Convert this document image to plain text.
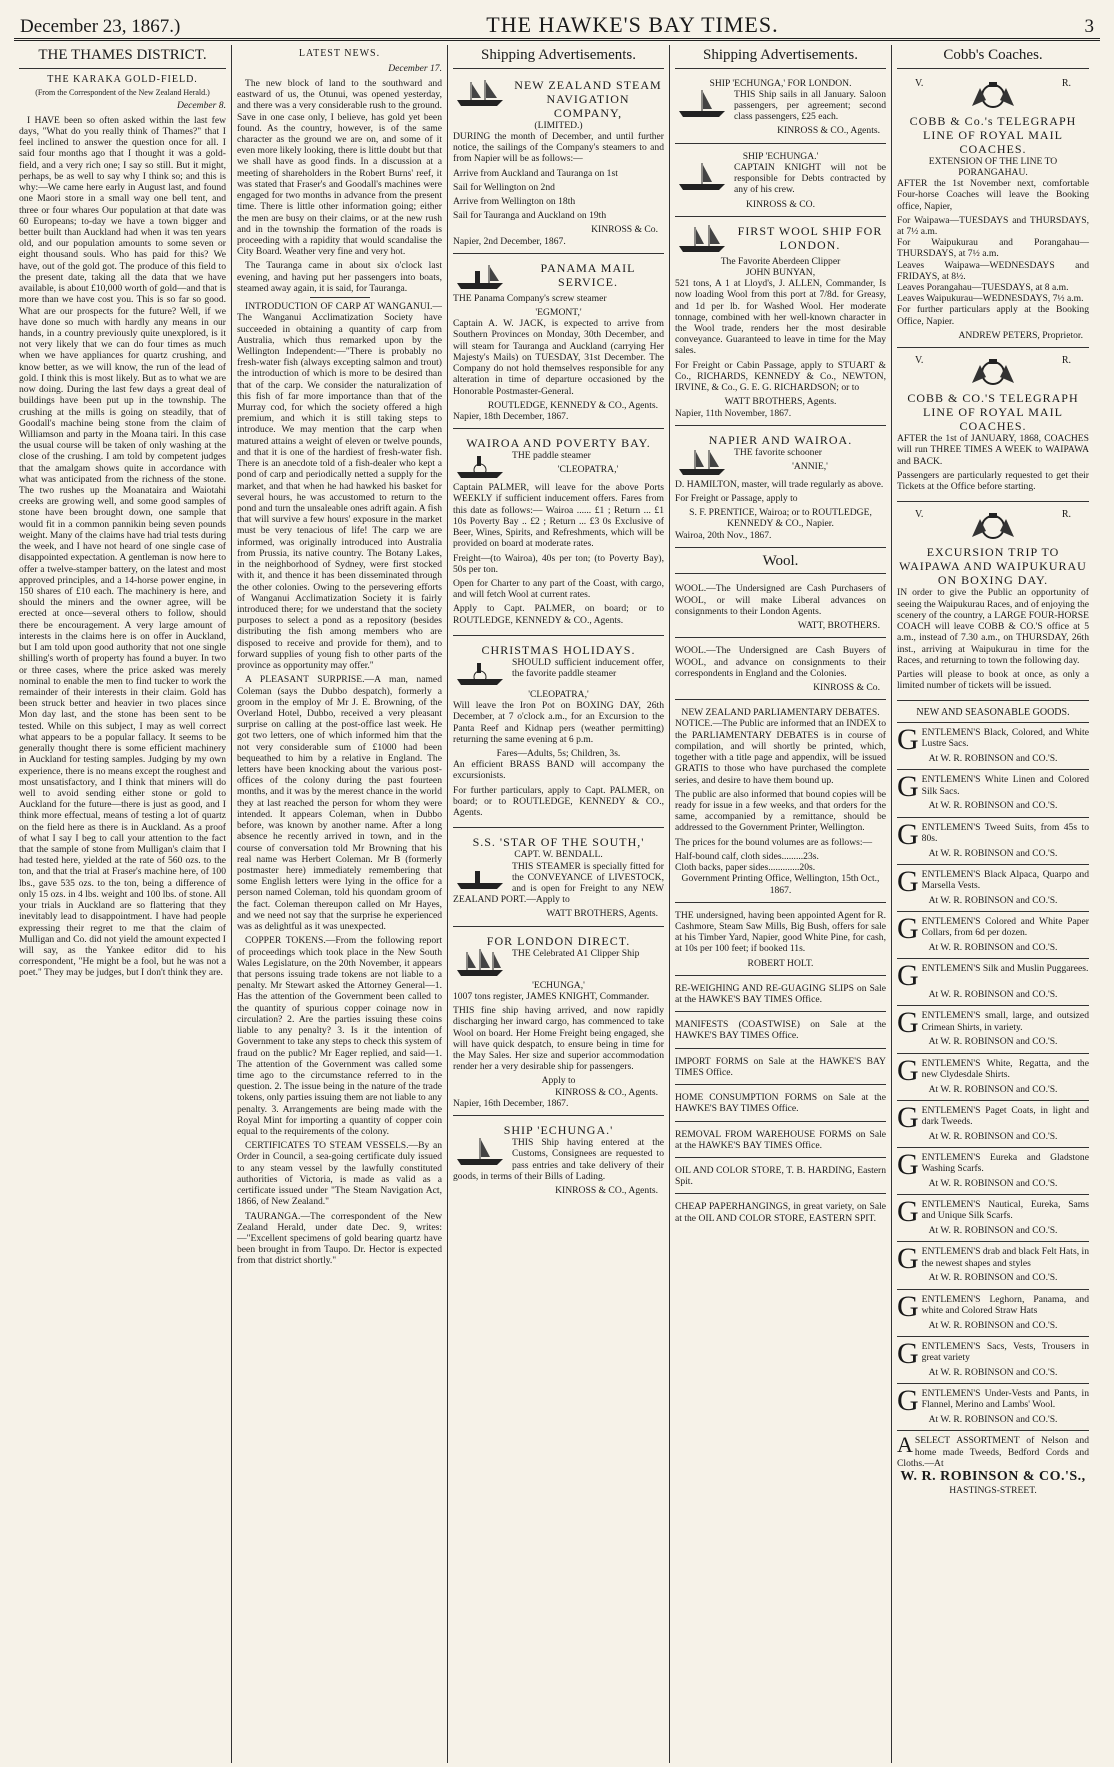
December 23, 1867.)	THE HAWKE'S BAY TIMES.	3
THE THAMES DISTRICT.
THE KARAKA GOLD-FIELD.
(From the Correspondent of the New Zealand Herald.)
December 8.

I HAVE been so often asked within the last few days, "What do you really think of Thames?" that I feel inclined to answer the question once for all. I said four months ago that I thought it was a gold-field, and a very rich one; I say so still. But it might, perhaps, be as well to say why I think so; and this is why:—We came here early in August last, and found one Maori store in a small way one bell tent, and three or four whares Our population at that date was 60 Europeans; to-day we have a town bigger and better built than Auckland had when it was ten years old, and our population amounts to some seven or eight thousand souls. Who has paid for this? We have, out of the gold got. The produce of this field to the present date, taking all the data that we have available, is about £10,000 worth of gold—and that is more than we have cost you. This is so far so good. What are our prospects for the future? Well, if we have done so much with hardly any means in our hands, in a country previously quite unexplored, is it not very likely that we can do four times as much when we have appliances for quartz crushing, and know better, as we will know, the run of the lead of gold. I think this is most likely. But as to what we are now doing. During the last few days a great deal of buildings have been put up in the township. The crushing at the mills is going on steadily, that of Goodall's machine being stone from the claim of Williamson and party in the Moana tairi. In this case the usual course will be taken of only washing at the close of the crushing. I am told by competent judges that the amalgam shows quite in accordance with what was anticipated from the richness of the stone. The two rushes up the Moanataira and Waiotahi creeks are growing well, and some good samples of stone have been brought down, one sample that would fit in a common pannikin being seven pounds weight. Many of the claims have had trial tests during the week, and I have not heard of one single case of disappointed expectation. A gentleman is now here to offer a twelve-stamper battery, on the latest and most approved principles, and a 14-horse power engine, in 150 shares of £10 each. The machinery is here, and should the miners and the owner agree, will be erected at once—several others to follow, should there be encouragement. A very large amount of interests in the claims here is on offer in Auckland, but I am told upon good authority that not one single shilling's worth of property has found a buyer. In two or three cases, where the price asked was merely nominal to enable the men to find tucker to work the remainder of their interests in their claim. Gold has been struck better and heavier in two places since Mon day last, and the stone has been sent to be tested. While on this subject, I may as well correct what appears to be a popular fallacy. It seems to be generally thought there is some efficient machinery in Auckland for testing samples. Judging by my own experience, there is no means except the roughest and most unsatisfactory, and I think that miners will do well to avoid sending either stone or gold to Auckland for the future—there is just as good, and I think more effectual, means of testing a lot of quartz on the field here as there is in Auckland. As a proof of what I say I beg to call your attention to the fact that the sample of stone from Mulligan's claim that I had tested here, yielded at the rate of 560 ozs. to the ton, and that the trial at Fraser's machine here, of 100 lbs., gave 535 ozs. to the ton, being a difference of only 15 ozs. in 4 lbs. weight and 100 lbs. of stone. All your trials in Auckland are so flattering that they inevitably lead to disappointment. I have had people expressing their regret to me that the claim of Mulligan and Co. did not yield the amount expected I will say, as the Yankee editor did to his correspondent, "He might be a fool, but he was not a poet." They may be judges, but I don't think they are.

LATEST NEWS.
December 17.

The new block of land to the southward and eastward of us, the Otunui, was opened yesterday, and there was a very considerable rush to the ground. Save in one case only, I believe, has gold yet been found. As the country, however, is of the same character as the ground we are on, and some of it even more likely looking, there is little doubt but that we shall have as good finds. In a discussion at a meeting of shareholders in the Robert Burns' reef, it was stated that Fraser's and Goodall's machines were engaged for two months in advance from the present time. There is little other information going; either the men are busy on their claims, or at the new rush and in the township the formation of the roads is proceeding with a rapidity that would scandalise the City Board. Weather very fine and very hot.

The Tauranga came in about six o'clock last evening, and having put her passengers into boats, steamed away again, it is said, for Tauranga.

INTRODUCTION OF CARP AT WANGANUI.—The Wanganui Acclimatization Society have succeeded in obtaining a quantity of carp from Australia, which thus remarked upon by the Wellington Independent:—"There is probably no fresh-water fish (always excepting salmon and trout) the introduction of which is more to be desired than that of the carp. We consider the naturalization of this fish of far more importance than that of the Murray cod, for which the society offered a high premium, and which it is still taking steps to introduce. We may mention that the carp when matured attains a weight of eleven or twelve pounds, and that it is one of the hardiest of fresh-water fish. There is an anecdote told of a fish-dealer who kept a pond of carp and periodically netted a supply for the market, and that when he had hawked his basket for several hours, he was accustomed to return to the pond and turn the unsaleable ones adrift again. A fish that will survive a few hours' exposure in the market must be very tenacious of life! The carp we are informed, was originally introduced into Australia from Prussia, its native country. The Botany Lakes, in the neighborhood of Sydney, were first stocked with it, and thence it has been disseminated through the other colonies. Owing to the persevering efforts of Wanganui Acclimatization Society it is fairly introduced there; for we understand that the society purposes to select a pond as a repository (besides distributing the fish among members who are disposed to receive and provide for them), and to forward supplies of young fish to other parts of the province as opportunity may offer."

A PLEASANT SURPRISE.—A man, named Coleman (says the Dubbo despatch), formerly a groom in the employ of Mr J. E. Browning, of the Overland Hotel, Dubbo, received a very pleasant surprise on calling at the post-office last week. He got two letters, one of which informed him that the not very considerable sum of £1000 had been bequeathed to him by a relative in England. The letters have been knocking about the various post-offices of the colony during the past fourteen months, and it was by the merest chance in the world they at last reached the person for whom they were intended. It appears Coleman, when in Dubbo before, was known by another name. After a long absence he recently arrived in town, and in the course of conversation told Mr Browning that his real name was Herbert Coleman. Mr B (formerly postmaster here) immediately remembering that some English letters were lying in the office for a person named Coleman, told his quondam groom of the fact. Coleman thereupon called on Mr Hayes, and we need not say that the surprise he experienced was as delightful as it was unexpected.

COPPER TOKENS.—From the following report of proceedings which took place in the New South Wales Legislature, on the 20th November, it appears that persons issuing trade tokens are not liable to a penalty. Mr Stewart asked the Attorney General—1. Has the attention of the Government been called to the quantity of spurious copper coinage now in circulation? 2. Are the parties issuing these coins liable to any penalty? 3. Is it the intention of Government to take any steps to check this system of fraud on the public? Mr Eager replied, and said—1. The attention of the Government was called some time ago to the circumstance referred to in the question. 2. The issue being in the nature of the trade tokens, only parties issuing them are not liable to any penalty. 3. Arrangements are being made with the Royal Mint for importing a quantity of copper coin equal to the requirements of the colony.

CERTIFICATES TO STEAM VESSELS.—By an Order in Council, a sea-going certificate duly issued to any steam vessel by the lawfully constituted authorities of Victoria, is made as valid as a certificate issued under "The Steam Navigation Act, 1866, of New Zealand."

TAURANGA.—The correspondent of the New Zealand Herald, under date Dec. 9, writes:—"Excellent specimens of gold bearing quartz have been brought in from Taupo. Dr. Hector is expected from that district shortly."

Shipping Advertisements.
NEW ZEALAND STEAM NAVIGATION COMPANY,
(LIMITED.)

DURING the month of December, and until further notice, the sailings of the Company's steamers to and from Napier will be as follows:—

Arrive from Auckland and Tauranga on 1st

Sail for Wellington on 2nd

Arrive from Wellington on 18th

Sail for Tauranga and Auckland on 19th

KINROSS & Co.
Napier, 2nd December, 1867.
PANAMA MAIL SERVICE.

THE Panama Company's screw steamer

'EGMONT,'

Captain A. W. JACK, is expected to arrive from Southern Provinces on Monday, 30th December, and will steam for Tauranga and Auckland (carrying Her Majesty's Mails) on TUESDAY, 31st December. The Company do not hold themselves responsible for any alteration in time of departure occasioned by the Honorable Postmaster-General.

ROUTLEDGE, KENNEDY & CO., Agents.
Napier, 18th December, 1867.
WAIROA AND POVERTY BAY.

THE paddle steamer

'CLEOPATRA,'

Captain PALMER, will leave for the above Ports WEEKLY if sufficient inducement offers. Fares from this date as follows:— Wairoa ...... £1 ; Return ... £1 10s Poverty Bay .. £2 ; Return ... £3 0s Exclusive of Beer, Wines, Spirits, and Refreshments, which will be provided on board at moderate rates.

Freight—(to Wairoa), 40s per ton; (to Poverty Bay), 50s per ton.

Open for Charter to any part of the Coast, with cargo, and will fetch Wool at current rates.

Apply to Capt. PALMER, on board; or to ROUTLEDGE, KENNEDY & CO., Agents.

CHRISTMAS HOLIDAYS.

SHOULD sufficient inducement offer, the favorite paddle steamer

'CLEOPATRA,'

Will leave the Iron Pot on BOXING DAY, 26th December, at 7 o'clock a.m., for an Excursion to the Panta Reef and Kidnap pers (weather permitting) returning the same evening at 6 p.m.

Fares—Adults, 5s; Children, 3s.

An efficient BRASS BAND will accompany the excursionists.

For further particulars, apply to Capt. PALMER, on board; or to ROUTLEDGE, KENNEDY & CO., Agents.

S.S. 'STAR OF THE SOUTH,'
CAPT. W. BENDALL.

THIS STEAMER is specially fitted for the CONVEYANCE of LIVESTOCK, and is open for Freight to any NEW ZEALAND PORT.—Apply to

WATT BROTHERS, Agents.
FOR LONDON DIRECT.

THE Celebrated A1 Clipper Ship

'ECHUNGA,'

1007 tons register, JAMES KNIGHT, Commander.

THIS fine ship having arrived, and now rapidly discharging her inward cargo, has commenced to take Wool on board. Her Home Freight being engaged, she will have quick despatch, to ensure being in time for the May Sales. Her size and superior accommodation render her a very desirable ship for passengers.

Apply to
KINROSS & CO., Agents.
Napier, 16th December, 1867.
SHIP 'ECHUNGA.'

THIS Ship having entered at the Customs, Consignees are requested to pass entries and take delivery of their goods, in terms of their Bills of Lading.

KINROSS & CO., Agents.
Shipping Advertisements.
SHIP 'ECHUNGA,' FOR LONDON.

THIS Ship sails in all January. Saloon passengers, per agreement; second class passengers, £25 each.

KINROSS & CO., Agents.
SHIP 'ECHUNGA.'

CAPTAIN KNIGHT will not be responsible for Debts contracted by any of his crew.

KINROSS & CO.
FIRST WOOL SHIP FOR LONDON.
The Favorite Aberdeen Clipper
JOHN BUNYAN,

521 tons, A 1 at Lloyd's, J. ALLEN, Commander, Is now loading Wool from this port at 7/8d. for Greasy, and 1d per lb. for Washed Wool. Her moderate tonnage, combined with her well-known character in the Wool trade, renders her the most desirable conveyance. Guaranteed to leave in time for the May sales.

For Freight or Cabin Passage, apply to STUART & Co., RICHARDS, KENNEDY & Co., NEWTON, IRVINE, & Co., G. E. G. RICHARDSON; or to

WATT BROTHERS, Agents.
Napier, 11th November, 1867.
NAPIER AND WAIROA.

THE favorite schooner

'ANNIE,'

D. HAMILTON, master, will trade regularly as above.

For Freight or Passage, apply to

S. F. PRENTICE, Wairoa; or to ROUTLEDGE, KENNEDY & CO., Napier.
Wairoa, 20th Nov., 1867.
Wool.

WOOL.—The Undersigned are Cash Purchasers of WOOL, or will make Liberal advances on consignments to their London Agents.

WATT, BROTHERS.

WOOL.—The Undersigned are Cash Buyers of WOOL, and advance on consignments to their correspondents in England and the Colonies.

KINROSS & Co.
NEW ZEALAND PARLIAMENTARY DEBATES.

NOTICE.—The Public are informed that an INDEX to the PARLIAMENTARY DEBATES is in course of compilation, and will shortly be printed, which, together with a title page and appendix, will be issued GRATIS to those who have purchased the complete series, and desire to have them bound up.

The public are also informed that bound copies will be ready for issue in a few weeks, and that orders for the same, accompanied by a remittance, should be addressed to the Government Printer, Wellington.

The prices for the bound volumes are as follows:—

Half-bound calf, cloth sides.........23s.
Cloth backs, paper sides.............20s.
Government Printing Office, Wellington, 15th Oct., 1867.

THE undersigned, having been appointed Agent for R. Cashmore, Steam Saw Mills, Big Bush, offers for sale at his Timber Yard, Napier, good White Pine, for cash, at 10s per 100 feet; if booked 11s.

ROBERT HOLT.
RE-WEIGHING AND RE-GUAGING SLIPS on Sale at the HAWKE'S BAY TIMES Office.
MANIFESTS (COASTWISE) on Sale at the HAWKE'S BAY TIMES Office.
IMPORT FORMS on Sale at the HAWKE'S BAY TIMES Office.
HOME CONSUMPTION FORMS on Sale at the HAWKE'S BAY TIMES Office.
REMOVAL FROM WAREHOUSE FORMS on Sale at the HAWKE'S BAY TIMES Office.
OIL AND COLOR STORE, T. B. HARDING, Eastern Spit.
CHEAP PAPERHANGINGS, in great variety, on Sale at the OIL AND COLOR STORE, EASTERN SPIT.
Cobb's Coaches.
V.	R.
COBB & Co.'s TELEGRAPH LINE OF ROYAL MAIL COACHES.
EXTENSION OF THE LINE TO PORANGAHAU.

AFTER the 1st November next, comfortable Four-horse Coaches will leave the Booking office, Napier,

For Waipawa—TUESDAYS and THURSDAYS, at 7½ a.m.
For Waipukurau and Porangahau—THURSDAYS, at 7½ a.m.
Leaves Waipawa—WEDNESDAYS and FRIDAYS, at 8½.
Leaves Porangahau—TUESDAYS, at 8 a.m.
Leaves Waipukurau—WEDNESDAYS, 7½ a.m.

For further particulars apply at the Booking Office, Napier.

ANDREW PETERS, Proprietor.
V.	R.
COBB & CO.'S TELEGRAPH LINE OF ROYAL MAIL COACHES.

AFTER the 1st of JANUARY, 1868, COACHES will run THREE TIMES A WEEK to WAIPAWA and BACK.

Passengers are particularly requested to get their Tickets at the Office before starting.

V.	R.
EXCURSION TRIP TO WAIPAWA AND WAIPUKURAU ON BOXING DAY.

IN order to give the Public an opportunity of seeing the Waipukurau Races, and of enjoying the scenery of the country, a LARGE FOUR-HORSE COACH will leave COBB & CO.'S office at 5 a.m., instead of 7.30 a.m., on THURSDAY, 26th inst., arriving at Waipukurau in time for the Races, and returning to town the following day.

Parties will please to book at once, as only a limited number of tickets will be issued.

NEW AND SEASONABLE GOODS.
GENTLEMEN'S Black, Colored, and White Lustre Sacs.
At W. R. ROBINSON and CO.'S.
GENTLEMEN'S White Linen and Colored Silk Sacs.
At W. R. ROBINSON and CO.'S.
GENTLEMEN'S Tweed Suits, from 45s to 80s.
At W. R. ROBINSON and CO.'S.
GENTLEMEN'S Black Alpaca, Quarpo and Marsella Vests.
At W. R. ROBINSON and CO.'S.
GENTLEMEN'S Colored and White Paper Collars, from 6d per dozen.
At W. R. ROBINSON and CO.'S.
GENTLEMEN'S Silk and Muslin Puggarees.
At W. R. ROBINSON and CO.'S.
GENTLEMEN'S small, large, and outsized Crimean Shirts, in variety.
At W. R. ROBINSON and CO.'S.
GENTLEMEN'S White, Regatta, and the new Clydesdale Shirts.
At W. R. ROBINSON and CO.'S.
GENTLEMEN'S Paget Coats, in light and dark Tweeds.
At W. R. ROBINSON and CO.'S.
GENTLEMEN'S Eureka and Gladstone Washing Scarfs.
At W. R. ROBINSON and CO.'S.
GENTLEMEN'S Nautical, Eureka, Sams and Unique Silk Scarfs.
At W. R. ROBINSON and CO.'S.
GENTLEMEN'S drab and black Felt Hats, in the newest shapes and styles
At W. R. ROBINSON and CO.'S.
GENTLEMEN'S Leghorn, Panama, and white and Colored Straw Hats
At W. R. ROBINSON and CO.'S.
GENTLEMEN'S Sacs, Vests, Trousers in great variety
At W. R. ROBINSON and CO.'S.
GENTLEMEN'S Under-Vests and Pants, in Flannel, Merino and Lambs' Wool.
At W. R. ROBINSON and CO.'S.
ASELECT ASSORTMENT of Nelson and home made Tweeds, Bedford Cords and Cloths.—At
W. R. ROBINSON & CO.'S.,
HASTINGS-STREET.
